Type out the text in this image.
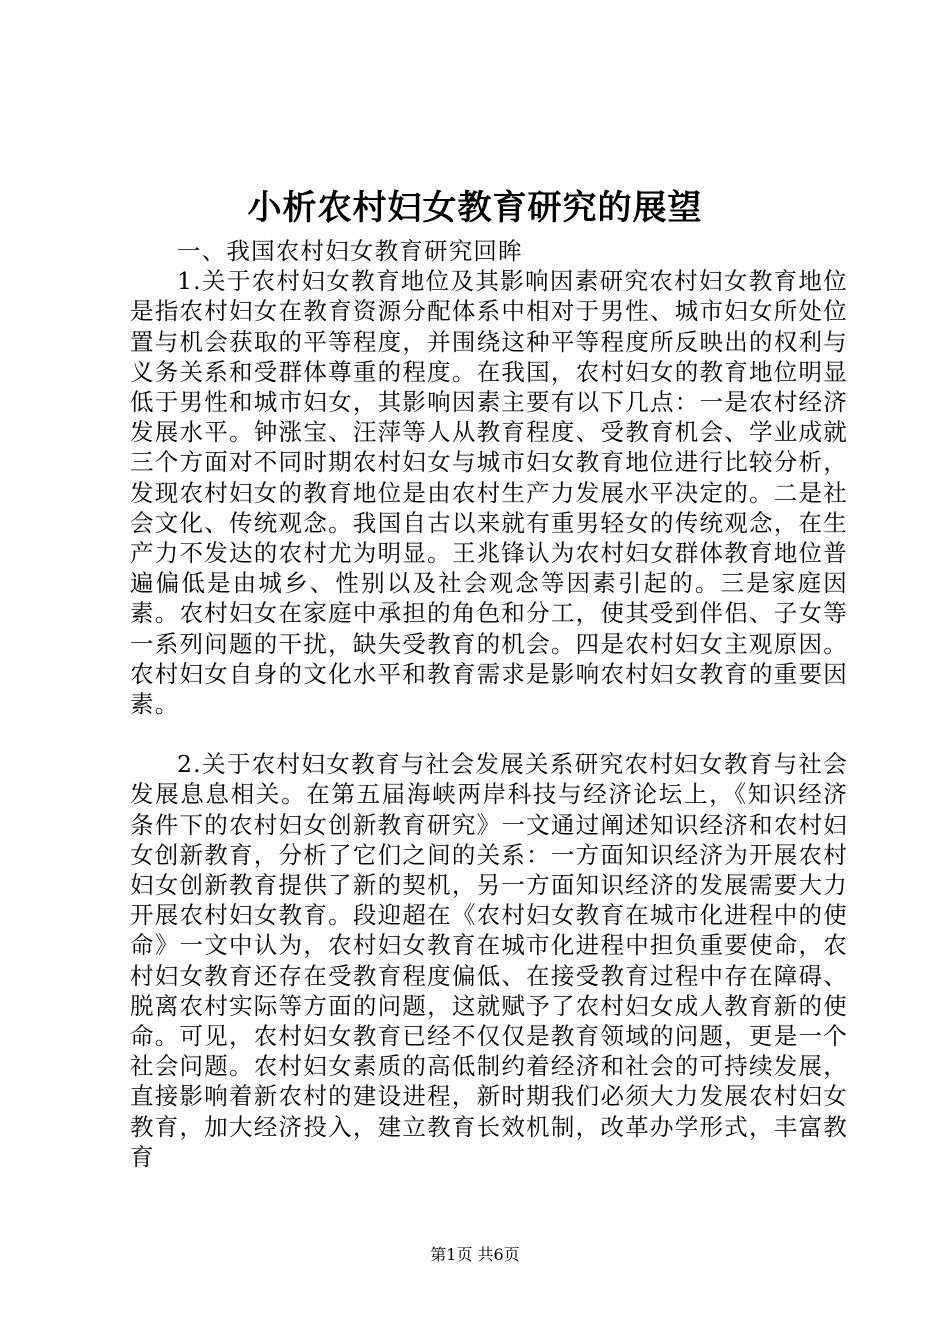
小析农村妇女教育研究的展望

一、我国农村妇女教育研究回眸

1.关于农村妇女教育地位及其影响因素研究农村妇女教育地位是指农村妇女在教育资源分配体系中相对于男性、城市妇女所处位置与机会获取的平等程度，并围绕这种平等程度所反映出的权利与义务关系和受群体尊重的程度。在我国，农村妇女的教育地位明显低于男性和城市妇女，其影响因素主要有以下几点：一是农村经济发展水平。钟涨宝、汪萍等人从教育程度、受教育机会、学业成就三个方面对不同时期农村妇女与城市妇女教育地位进行比较分析，发现农村妇女的教育地位是由农村生产力发展水平决定的。二是社会文化、传统观念。我国自古以来就有重男轻女的传统观念，在生产力不发达的农村尤为明显。王兆锋认为农村妇女群体教育地位普遍偏低是由城乡、性别以及社会观念等因素引起的。三是家庭因素。农村妇女在家庭中承担的角色和分工，使其受到伴侣、子女等一系列问题的干扰，缺失受教育的机会。四是农村妇女主观原因。农村妇女自身的文化水平和教育需求是影响农村妇女教育的重要因素。

2.关于农村妇女教育与社会发展关系研究农村妇女教育与社会发展息息相关。在第五届海峡两岸科技与经济论坛上，《知识经济条件下的农村妇女创新教育研究》一文通过阐述知识经济和农村妇女创新教育，分析了它们之间的关系：一方面知识经济为开展农村妇女创新教育提供了新的契机，另一方面知识经济的发展需要大力开展农村妇女教育。段迎超在《农村妇女教育在城市化进程中的使命》一文中认为，农村妇女教育在城市化进程中担负重要使命，农村妇女教育还存在受教育程度偏低、在接受教育过程中存在障碍、脱离农村实际等方面的问题，这就赋予了农村妇女成人教育新的使命。可见，农村妇女教育已经不仅仅是教育领域的问题，更是一个社会问题。农村妇女素质的高低制约着经济和社会的可持续发展，直接影响着新农村的建设进程，新时期我们必须大力发展农村妇女教育，加大经济投入，建立教育长效机制，改革办学形式，丰富教育

第1页 共6页
